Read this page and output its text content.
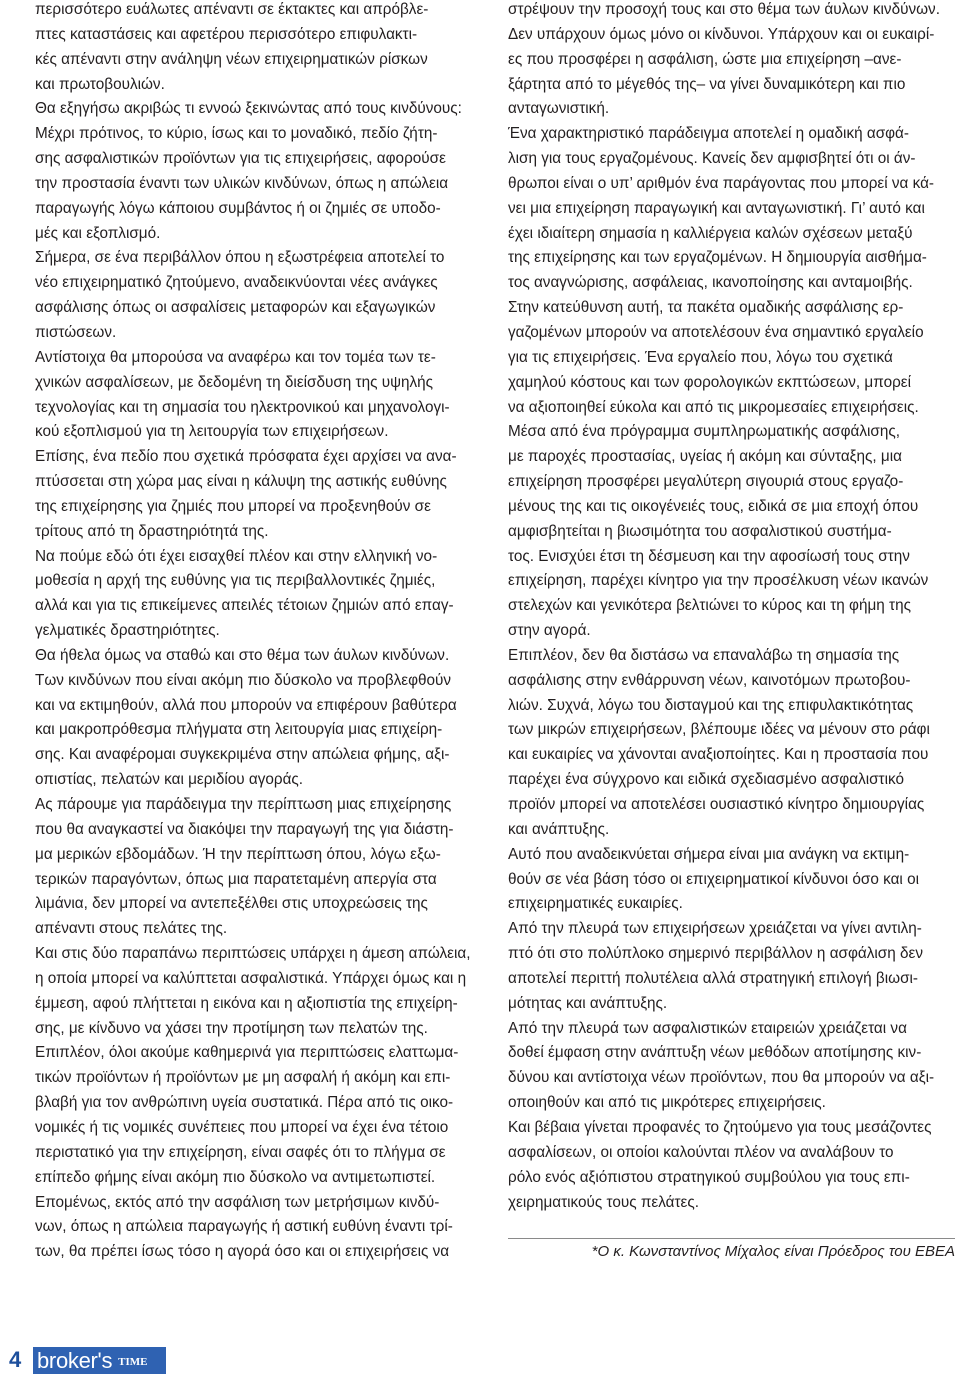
περισσότερο ευάλωτες απέναντι σε έκτακτες και απρόβλε-
πτες καταστάσεις και αφετέρου περισσότερο επιφυλακτι-
κές απέναντι στην ανάληψη νέων επιχειρηματικών ρίσκων
και πρωτοβουλιών.
Θα εξηγήσω ακριβώς τι εννοώ ξεκινώντας από τους κινδύνους:
Μέχρι πρότινος, το κύριο, ίσως και το μοναδικό, πεδίο ζήτη-
σης ασφαλιστικών προϊόντων για τις επιχειρήσεις, αφορούσε
την προστασία έναντι των υλικών κινδύνων, όπως η απώλεια
παραγωγής λόγω κάποιου συμβάντος ή οι ζημιές σε υποδο-
μές και εξοπλισμό.
Σήμερα, σε ένα περιβάλλον όπου η εξωστρέφεια αποτελεί το
νέο επιχειρηματικό ζητούμενο, αναδεικνύονται νέες ανάγκες
ασφάλισης όπως οι ασφαλίσεις μεταφορών και εξαγωγικών
πιστώσεων.
Αντίστοιχα θα μπορούσα να αναφέρω και τον τομέα των τε-
χνικών ασφαλίσεων, με δεδομένη τη διείσδυση της υψηλής
τεχνολογίας και τη σημασία του ηλεκτρονικού και μηχανολογι-
κού εξοπλισμού για τη λειτουργία των επιχειρήσεων.
Επίσης, ένα πεδίο που σχετικά πρόσφατα έχει αρχίσει να ανα-
πτύσσεται στη χώρα μας είναι η κάλυψη της αστικής ευθύνης
της επιχείρησης για ζημιές που μπορεί να προξενηθούν σε
τρίτους από τη δραστηριότητά της.
Να πούμε εδώ ότι έχει εισαχθεί πλέον και στην ελληνική νο-
μοθεσία η αρχή της ευθύνης για τις περιβαλλοντικές ζημιές,
αλλά και για τις επικείμενες απειλές τέτοιων ζημιών από επαγ-
γελματικές δραστηριότητες.
Θα ήθελα όμως να σταθώ και στο θέμα των άυλων κινδύνων.
Των κινδύνων που είναι ακόμη πιο δύσκολο να προβλεφθούν
και να εκτιμηθούν, αλλά που μπορούν να επιφέρουν βαθύτερα
και μακροπρόθεσμα πλήγματα στη λειτουργία μιας επιχείρη-
σης. Και αναφέρομαι συγκεκριμένα στην απώλεια φήμης, αξι-
οπιστίας, πελατών και μεριδίου αγοράς.
Ας πάρουμε για παράδειγμα την περίπτωση μιας επιχείρησης
που θα αναγκαστεί να διακόψει την παραγωγή της για διάστη-
μα μερικών εβδομάδων. Ή την περίπτωση όπου, λόγω εξω-
τερικών παραγόντων, όπως μια παρατεταμένη απεργία στα
λιμάνια, δεν μπορεί να αντεπεξέλθει στις υποχρεώσεις της
απέναντι στους πελάτες της.
Και στις δύο παραπάνω περιπτώσεις υπάρχει η άμεση απώλεια,
η οποία μπορεί να καλύπτεται ασφαλιστικά. Υπάρχει όμως και η
έμμεση, αφού πλήττεται η εικόνα και η αξιοπιστία της επιχείρη-
σης, με κίνδυνο να χάσει την προτίμηση των πελατών της.
Επιπλέον, όλοι ακούμε καθημερινά για περιπτώσεις ελαττωμα-
τικών προϊόντων ή προϊόντων με μη ασφαλή ή ακόμη και επι-
βλαβή για τον ανθρώπινη υγεία συστατικά. Πέρα από τις οικο-
νομικές ή τις νομικές συνέπειες που μπορεί να έχει ένα τέτοιο
περιστατικό για την επιχείρηση, είναι σαφές ότι το πλήγμα σε
επίπεδο φήμης είναι ακόμη πιο δύσκολο να αντιμετωπιστεί.
Επομένως, εκτός από την ασφάλιση των μετρήσιμων κινδύ-
νων, όπως η απώλεια παραγωγής ή αστική ευθύνη έναντι τρί-
των, θα πρέπει ίσως τόσο η αγορά όσο και οι επιχειρήσεις να
στρέψουν την προσοχή τους και στο θέμα των άυλων κινδύνων.
Δεν υπάρχουν όμως μόνο οι κίνδυνοι. Υπάρχουν και οι ευκαιρί-
ες που προσφέρει η ασφάλιση, ώστε μια επιχείρηση –ανε-
ξάρτητα από το μέγεθός της– να γίνει δυναμικότερη και πιο
ανταγωνιστική.
Ένα χαρακτηριστικό παράδειγμα αποτελεί η ομαδική ασφά-
λιση για τους εργαζομένους. Κανείς δεν αμφισβητεί ότι οι άν-
θρωποι είναι ο υπ’ αριθμόν ένα παράγοντας που μπορεί να κά-
νει μια επιχείρηση παραγωγική και ανταγωνιστική. Γι’ αυτό και
έχει ιδιαίτερη σημασία η καλλιέργεια καλών σχέσεων μεταξύ
της επιχείρησης και των εργαζομένων. Η δημιουργία αισθήμα-
τος αναγνώρισης, ασφάλειας, ικανοποίησης και ανταμοιβής.
Στην κατεύθυνση αυτή, τα πακέτα ομαδικής ασφάλισης ερ-
γαζομένων μπορούν να αποτελέσουν ένα σημαντικό εργαλείο
για τις επιχειρήσεις. Ένα εργαλείο που, λόγω του σχετικά
χαμηλού κόστους και των φορολογικών εκπτώσεων, μπορεί
να αξιοποιηθεί εύκολα και από τις μικρομεσαίες επιχειρήσεις.
Μέσα από ένα πρόγραμμα συμπληρωματικής ασφάλισης,
με παροχές προστασίας, υγείας ή ακόμη και σύνταξης, μια
επιχείρηση προσφέρει μεγαλύτερη σιγουριά στους εργαζο-
μένους της και τις οικογένειές τους, ειδικά σε μια εποχή όπου
αμφισβητείται η βιωσιμότητα του ασφαλιστικού συστήμα-
τος. Ενισχύει έτσι τη δέσμευση και την αφοσίωσή τους στην
επιχείρηση, παρέχει κίνητρο για την προσέλκυση νέων ικανών
στελεχών και γενικότερα βελτιώνει το κύρος και τη φήμη της
στην αγορά.
Επιπλέον, δεν θα διστάσω να επαναλάβω τη σημασία της
ασφάλισης στην ενθάρρυνση νέων, καινοτόμων πρωτοβου-
λιών. Συχνά, λόγω του δισταγμού και της επιφυλακτικότητας
των μικρών επιχειρήσεων, βλέπουμε ιδέες να μένουν στο ράφι
και ευκαιρίες να χάνονται αναξιοποίητες. Και η προστασία που
παρέχει ένα σύγχρονο και ειδικά σχεδιασμένο ασφαλιστικό
προϊόν μπορεί να αποτελέσει ουσιαστικό κίνητρο δημιουργίας
και ανάπτυξης.
Αυτό που αναδεικνύεται σήμερα είναι μια ανάγκη να εκτιμη-
θούν σε νέα βάση τόσο οι επιχειρηματικοί κίνδυνοι όσο και οι
επιχειρηματικές ευκαιρίες.
Από την πλευρά των επιχειρήσεων χρειάζεται να γίνει αντιλη-
πτό ότι στο πολύπλοκο σημερινό περιβάλλον η ασφάλιση δεν
αποτελεί περιττή πολυτέλεια αλλά στρατηγική επιλογή βιωσι-
μότητας και ανάπτυξης.
Από την πλευρά των ασφαλιστικών εταιρειών χρειάζεται να
δοθεί έμφαση στην ανάπτυξη νέων μεθόδων αποτίμησης κιν-
δύνου και αντίστοιχα νέων προϊόντων, που θα μπορούν να αξι-
οποιηθούν και από τις μικρότερες επιχειρήσεις.
Και βέβαια γίνεται προφανές το ζητούμενο για τους μεσάζοντες
ασφαλίσεων, οι οποίοι καλούνται πλέον να αναλάβουν το
ρόλο ενός αξιόπιστου στρατηγικού συμβούλου για τους επι-
χειρηματικούς τους πελάτες.
*Ο κ. Κωνσταντίνος Μίχαλος είναι Πρόεδρος του ΕΒΕΑ
4 broker's TIME
